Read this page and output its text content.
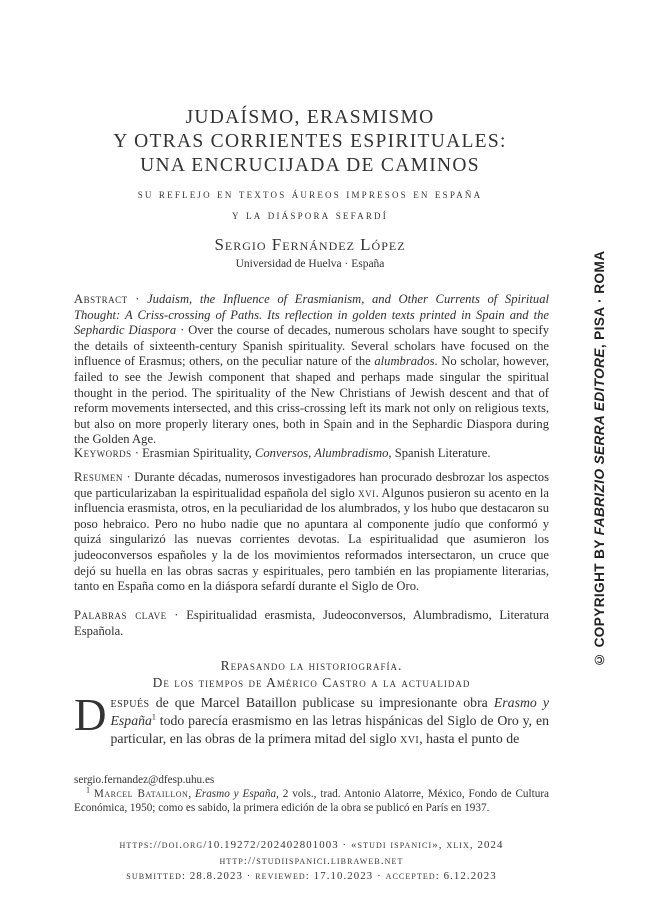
JUDAÍSMO, ERASMISMO
Y OTRAS CORRIENTES ESPIRITUALES:
UNA ENCRUCIJADA DE CAMINOS
su reflejo en textos áureos impresos en españa
y la diáspora sefardí
Sergio Fernández López
Universidad de Huelva · España
Abstract · Judaism, the Influence of Erasmianism, and Other Currents of Spiritual Thought: A Criss-crossing of Paths. Its reflection in golden texts printed in Spain and the Sephardic Diaspora · Over the course of decades, numerous scholars have sought to specify the details of sixteenth-century Spanish spirituality. Several scholars have focused on the influence of Erasmus; others, on the peculiar nature of the alumbrados. No scholar, however, failed to see the Jewish component that shaped and perhaps made singular the spiritual thought in the period. The spirituality of the New Christians of Jewish descent and that of reform movements intersected, and this criss-crossing left its mark not only on religious texts, but also on more properly literary ones, both in Spain and in the Sephardic Diaspora during the Golden Age.
Keywords · Erasmian Spirituality, Conversos, Alumbradismo, Spanish Literature.
Resumen · Durante décadas, numerosos investigadores han procurado desbrozar los aspectos que particularizaban la espiritualidad española del siglo xvi. Algunos pusieron su acento en la influencia erasmista, otros, en la peculiaridad de los alumbrados, y los hubo que destacaron su poso hebraico. Pero no hubo nadie que no apuntara al componente judío que conformó y quizá singularizó las nuevas corrientes devotas. La espiritualidad que asumieron los judeoconversos españoles y la de los movimientos reformados intersectaron, un cruce que dejó su huella en las obras sacras y espirituales, pero también en las propiamente literarias, tanto en España como en la diáspora sefardí durante el Siglo de Oro.
Palabras clave · Espiritualidad erasmista, Judeoconversos, Alumbradismo, Literatura Española.
Repasando la historiografía.
De los tiempos de Américo Castro a la actualidad
Después de que Marcel Bataillon publicase su impresionante obra Erasmo y España$^1$ todo parecía erasmismo en las letras hispánicas del Siglo de Oro y, en particular, en las obras de la primera mitad del siglo xvi, hasta el punto de
sergio.fernandez@dfesp.uhu.es
$^1$ Marcel Bataillon, Erasmo y España, 2 vols., trad. Antonio Alatorre, México, Fondo de Cultura Económica, 1950; como es sabido, la primera edición de la obra se publicó en París en 1937.
https://doi.org/10.19272/202402801003 · «studi ispanici», xlix, 2024
http://studiispanici.libraweb.net
submitted: 28.8.2023 · reviewed: 17.10.2023 · accepted: 6.12.2023
© COPYRIGHT BY FABRIZIO SERRA EDITORE, PISA · ROMA
